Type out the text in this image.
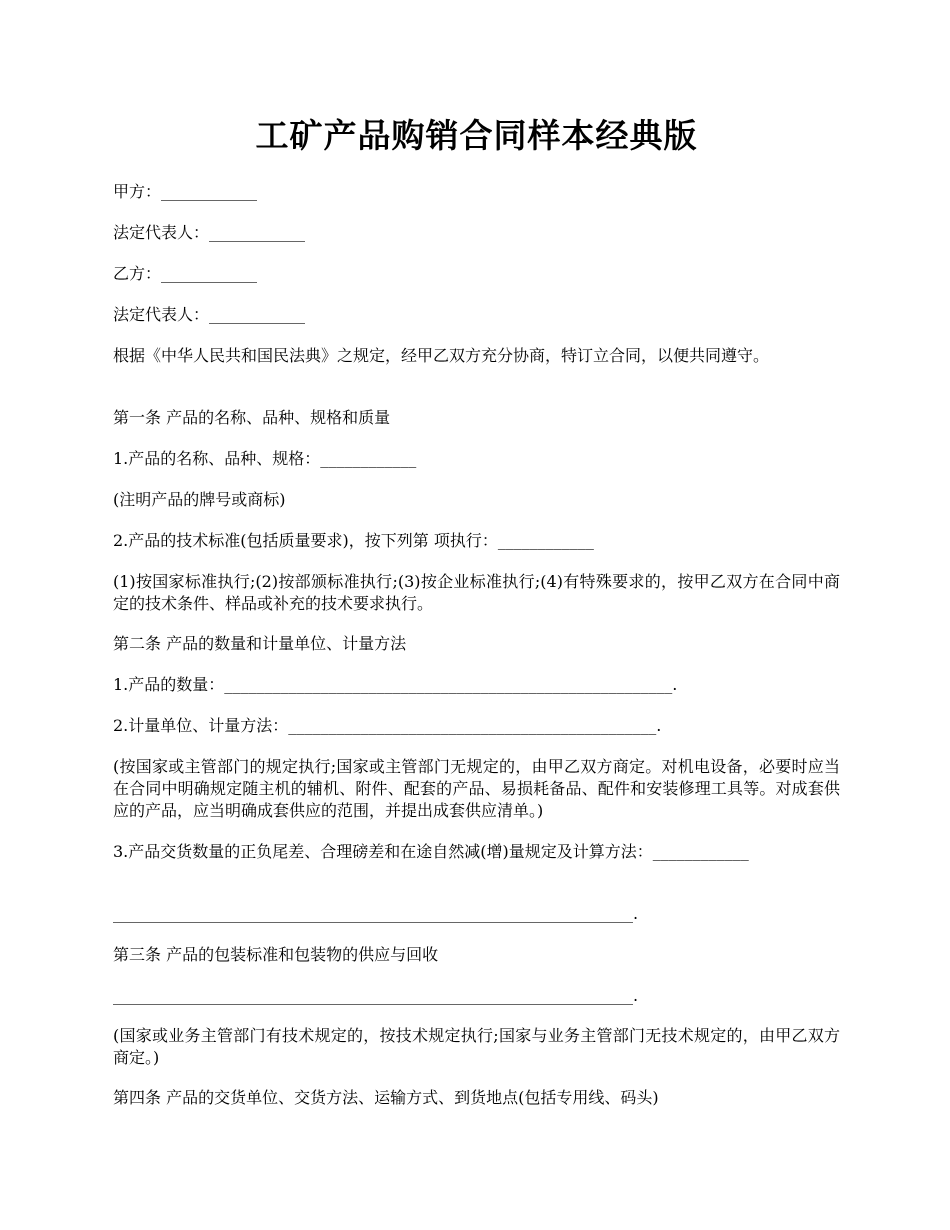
工矿产品购销合同样本经典版

甲方：____________

法定代表人：____________

乙方：____________

法定代表人：____________

根据《中华人民共和国民法典》之规定，经甲乙双方充分协商，特订立合同，以便共同遵守。

第一条 产品的名称、品种、规格和质量

1.产品的名称、品种、规格：____________

(注明产品的牌号或商标)

2.产品的技术标准(包括质量要求)，按下列第 项执行：____________

(1)按国家标准执行;(2)按部颁标准执行;(3)按企业标准执行;(4)有特殊要求的，按甲乙双方在合同中商定的技术条件、样品或补充的技术要求执行。

第二条 产品的数量和计量单位、计量方法

1.产品的数量：________________________________________________________.

2.计量单位、计量方法：______________________________________________.

(按国家或主管部门的规定执行;国家或主管部门无规定的，由甲乙双方商定。对机电设备，必要时应当在合同中明确规定随主机的辅机、附件、配套的产品、易损耗备品、配件和安装修理工具等。对成套供应的产品，应当明确成套供应的范围，并提出成套供应清单。)

3.产品交货数量的正负尾差、合理磅差和在途自然减(增)量规定及计算方法：____________

_________________________________________________________________.

第三条 产品的包装标准和包装物的供应与回收

_________________________________________________________________.

(国家或业务主管部门有技术规定的，按技术规定执行;国家与业务主管部门无技术规定的，由甲乙双方商定。)

第四条 产品的交货单位、交货方法、运输方式、到货地点(包括专用线、码头)
